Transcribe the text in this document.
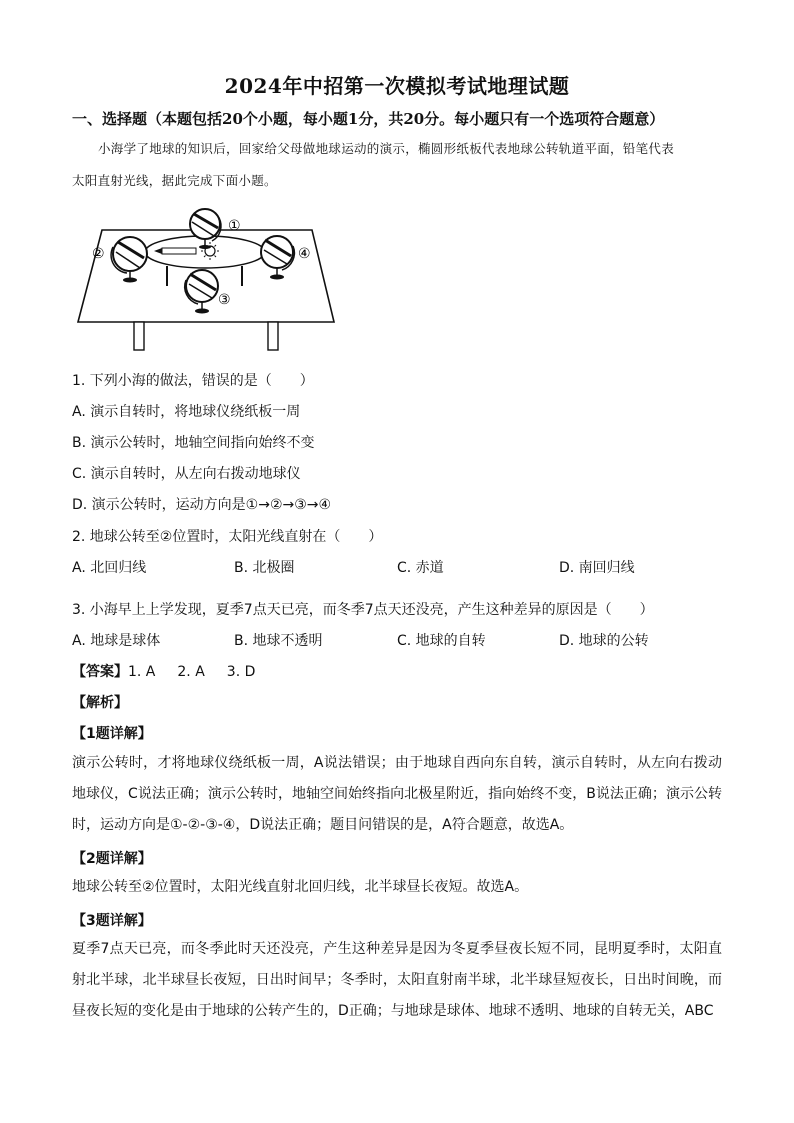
2024年中招第一次模拟考试地理试题
一、选择题（本题包括20个小题，每小题1分，共20分。每小题只有一个选项符合题意）
小海学了地球的知识后，回家给父母做地球运动的演示，椭圆形纸板代表地球公转轨道平面，铅笔代表
太阳直射光线，据此完成下面小题。
①
②
③
④
1. 下列小海的做法，错误的是（　　）
A. 演示自转时，将地球仪绕纸板一周
B. 演示公转时，地轴空间指向始终不变
C. 演示自转时，从左向右拨动地球仪
D. 演示公转时，运动方向是①→②→③→④
2. 地球公转至②位置时，太阳光线直射在（　　）
A. 北回归线	B. 北极圈	C. 赤道	D. 南回归线
3. 小海早上上学发现，夏季7点天已亮，而冬季7点天还没亮，产生这种差异的原因是（　　）
A. 地球是球体	B. 地球不透明	C. 地球的自转	D. 地球的公转
【答案】1. A 2. A 3. D
【解析】
【1题详解】
演示公转时，才将地球仪绕纸板一周，A说法错误；由于地球自西向东自转，演示自转时，从左向右拨动地球仪，C说法正确；演示公转时，地轴空间始终指向北极星附近，指向始终不变，B说法正确；演示公转时，运动方向是①-②-③-④，D说法正确；题目问错误的是，A符合题意，故选A。
【2题详解】
地球公转至②位置时，太阳光线直射北回归线，北半球昼长夜短。故选A。
【3题详解】
夏季7点天已亮，而冬季此时天还没亮，产生这种差异是因为冬夏季昼夜长短不同，昆明夏季时，太阳直射北半球，北半球昼长夜短，日出时间早；冬季时，太阳直射南半球，北半球昼短夜长，日出时间晚，而昼夜长短的变化是由于地球的公转产生的，D正确；与地球是球体、地球不透明、地球的自转无关，ABC
